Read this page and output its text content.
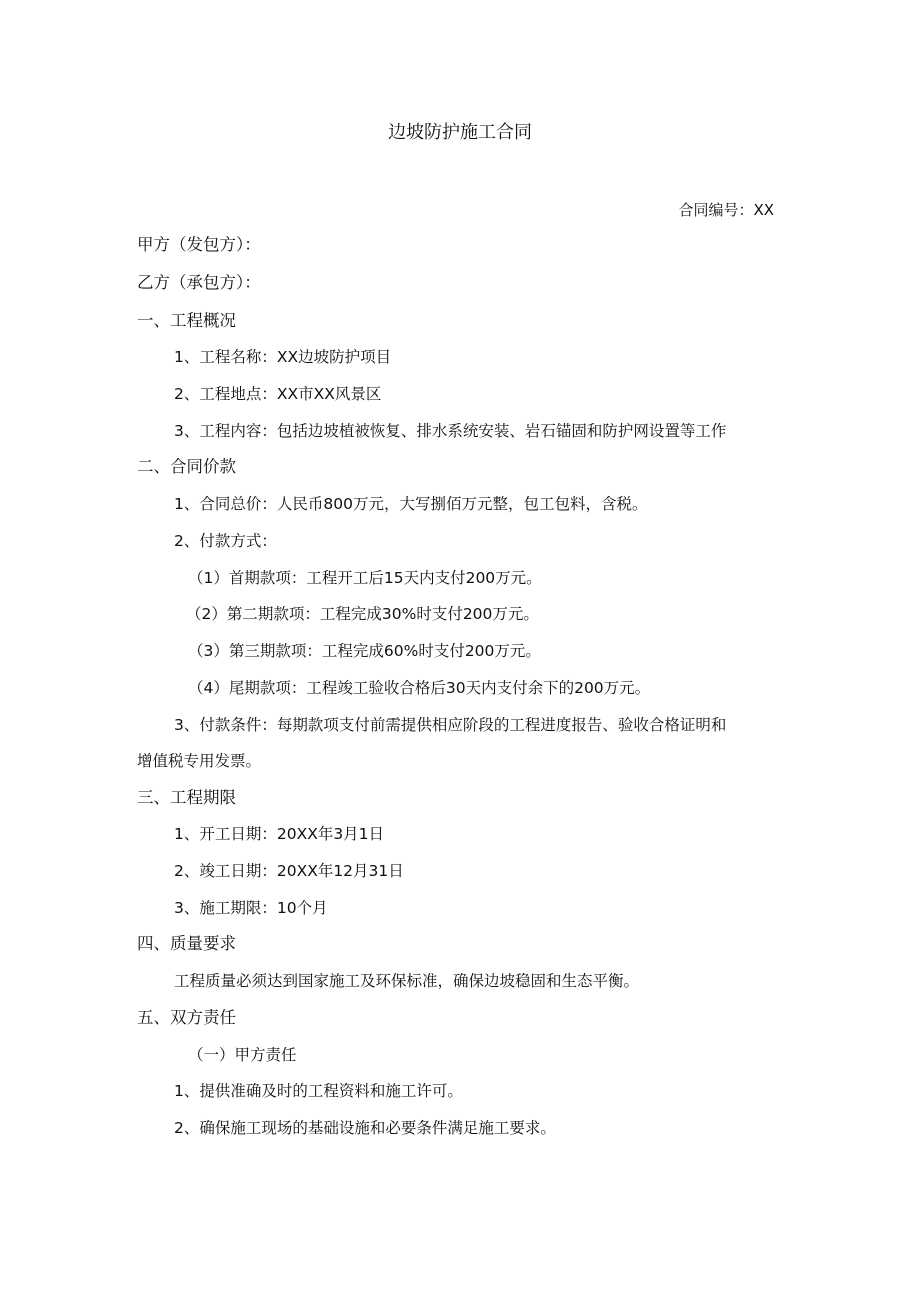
边坡防护施工合同
合同编号：XX
甲方（发包方）：
乙方（承包方）：
一、工程概况
1、工程名称：XX边坡防护项目
2、工程地点：XX市XX风景区
3、工程内容：包括边坡植被恢复、排水系统安装、岩石锚固和防护网设置等工作
二、合同价款
1、合同总价：人民币800万元，大写捌佰万元整，包工包料，含税。
2、付款方式：
（1）首期款项：工程开工后15天内支付200万元。
（2）第二期款项：工程完成30%时支付200万元。
（3）第三期款项：工程完成60%时支付200万元。
（4）尾期款项：工程竣工验收合格后30天内支付余下的200万元。
3、付款条件：每期款项支付前需提供相应阶段的工程进度报告、验收合格证明和
增值税专用发票。
三、工程期限
1、开工日期：20XX年3月1日
2、竣工日期：20XX年12月31日
3、施工期限：10个月
四、质量要求
工程质量必须达到国家施工及环保标准，确保边坡稳固和生态平衡。
五、双方责任
（一）甲方责任
1、提供准确及时的工程资料和施工许可。
2、确保施工现场的基础设施和必要条件满足施工要求。
